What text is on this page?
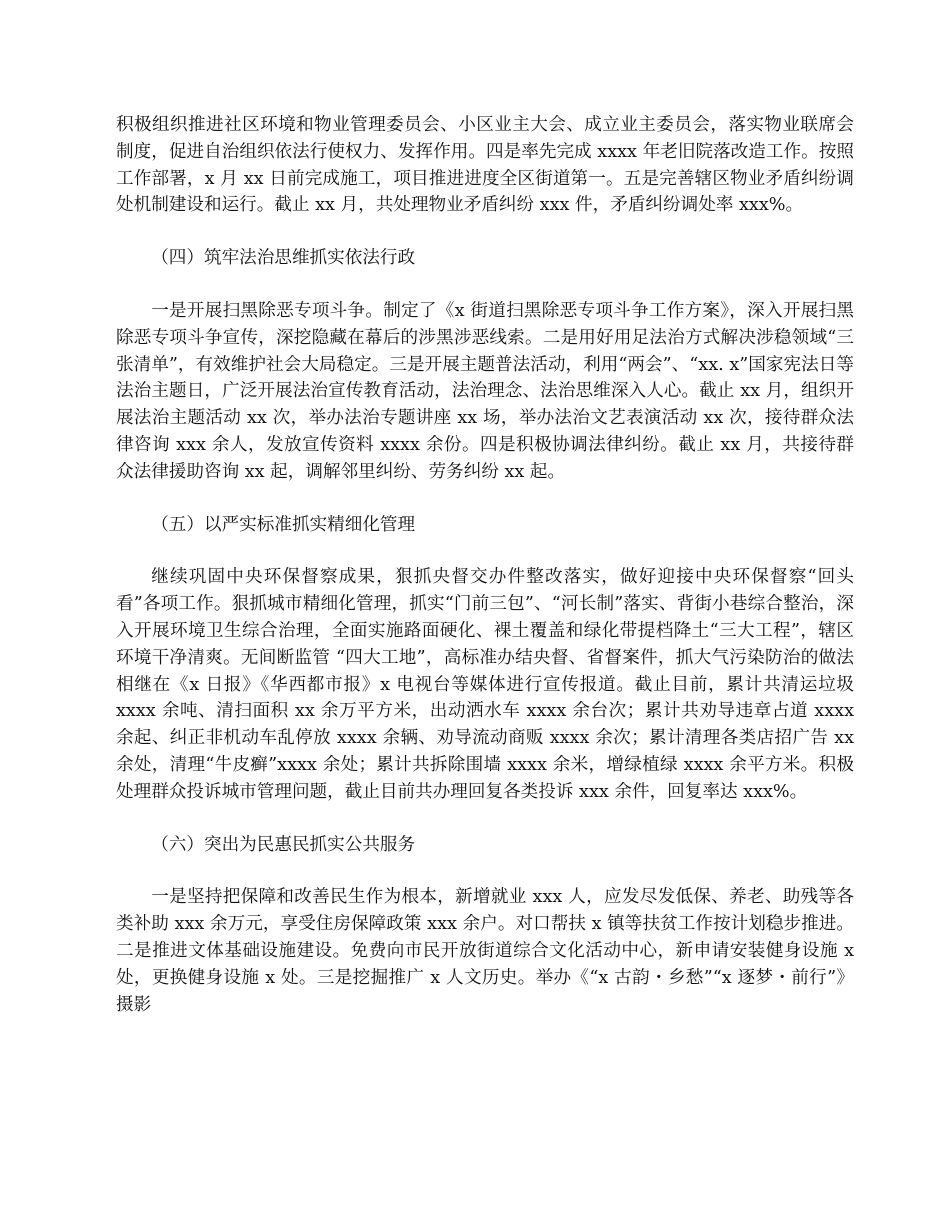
积极组织推进社区环境和物业管理委员会、小区业主大会、成立业主委员会，落实物业联席会制度，促进自治组织依法行使权力、发挥作用。四是率先完成 xxxx 年老旧院落改造工作。按照工作部署，x 月 xx 日前完成施工，项目推进进度全区街道第一。五是完善辖区物业矛盾纠纷调处机制建设和运行。截止 xx 月，共处理物业矛盾纠纷 xxx 件，矛盾纠纷调处率 xxx%。

（四）筑牢法治思维抓实依法行政

一是开展扫黑除恶专项斗争。制定了《x 街道扫黑除恶专项斗争工作方案》，深入开展扫黑除恶专项斗争宣传，深挖隐藏在幕后的涉黑涉恶线索。二是用好用足法治方式解决涉稳领域“三张清单”，有效维护社会大局稳定。三是开展主题普法活动，利用“两会”、“xx. x”国家宪法日等法治主题日，广泛开展法治宣传教育活动，法治理念、法治思维深入人心。截止 xx 月，组织开展法治主题活动 xx 次，举办法治专题讲座 xx 场，举办法治文艺表演活动 xx 次，接待群众法律咨询 xxx 余人，发放宣传资料 xxxx 余份。四是积极协调法律纠纷。截止 xx 月，共接待群众法律援助咨询 xx 起，调解邻里纠纷、劳务纠纷 xx 起。

（五）以严实标准抓实精细化管理

继续巩固中央环保督察成果，狠抓央督交办件整改落实，做好迎接中央环保督察“回头看”各项工作。狠抓城市精细化管理，抓实“门前三包”、“河长制”落实、背街小巷综合整治，深入开展环境卫生综合治理，全面实施路面硬化、裸土覆盖和绿化带提档降土“三大工程”，辖区环境干净清爽。无间断监管 “四大工地”，高标准办结央督、省督案件，抓大气污染防治的做法相继在《x 日报》《华西都市报》x 电视台等媒体进行宣传报道。截止目前，累计共清运垃圾 xxxx 余吨、清扫面积 xx 余万平方米，出动洒水车 xxxx 余台次；累计共劝导违章占道 xxxx 余起、纠正非机动车乱停放 xxxx 余辆、劝导流动商贩 xxxx 余次；累计清理各类店招广告 xx 余处，清理“牛皮癣”xxxx 余处；累计共拆除围墙 xxxx 余米，增绿植绿 xxxx 余平方米。积极处理群众投诉城市管理问题，截止目前共办理回复各类投诉 xxx 余件，回复率达 xxx%。

（六）突出为民惠民抓实公共服务

一是坚持把保障和改善民生作为根本，新增就业 xxx 人，应发尽发低保、养老、助残等各类补助 xxx 余万元，享受住房保障政策 xxx 余户。对口帮扶 x 镇等扶贫工作按计划稳步推进。二是推进文体基础设施建设。免费向市民开放街道综合文化活动中心，新申请安装健身设施 x 处，更换健身设施 x 处。三是挖掘推广 x 人文历史。举办《“x 古韵・乡愁”“x 逐梦・前行”》摄影
